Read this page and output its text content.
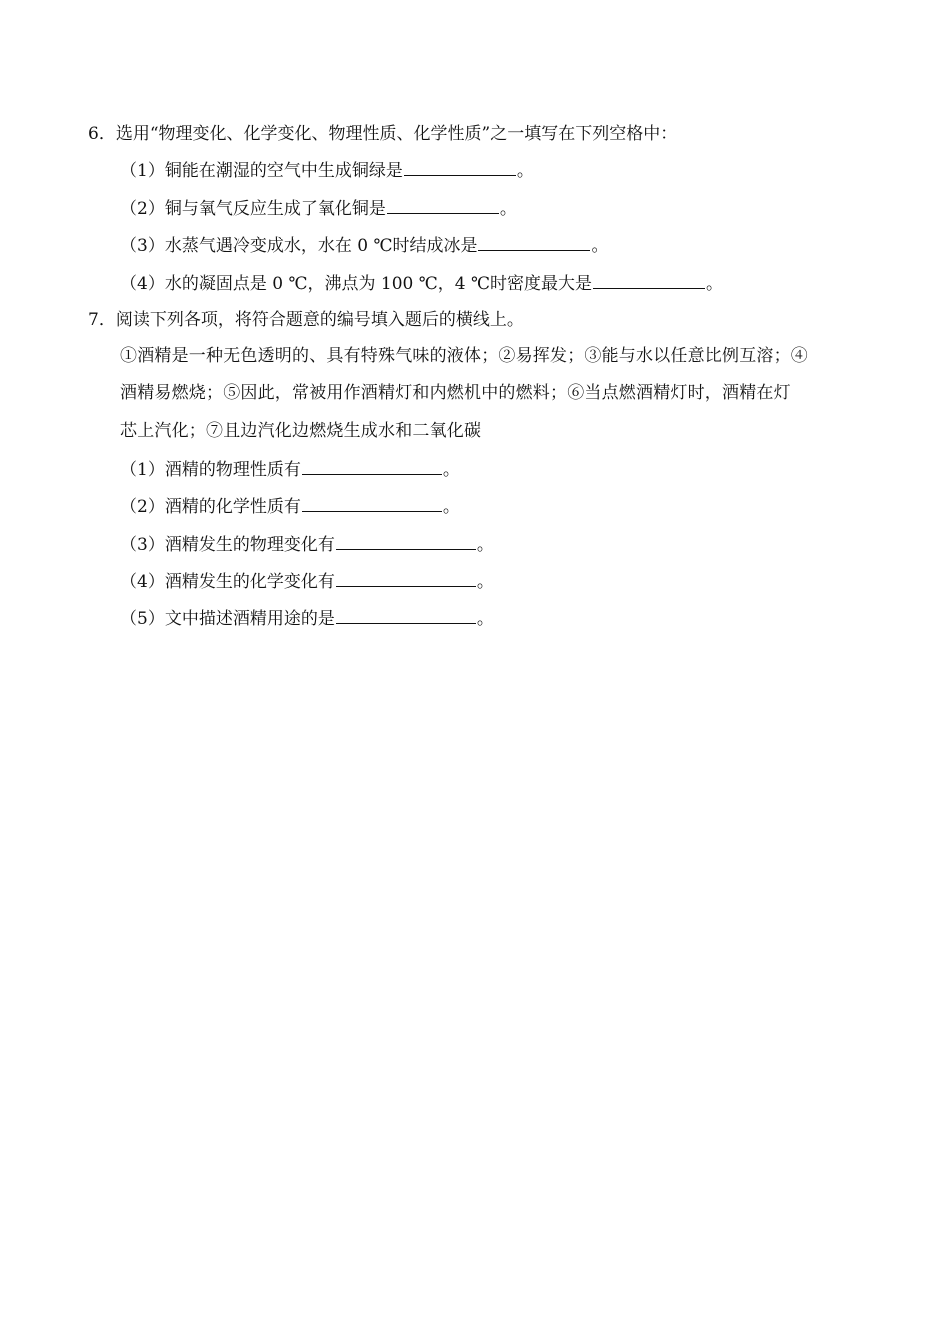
6．选用“物理变化、化学变化、物理性质、化学性质”之一填写在下列空格中：
（1）铜能在潮湿的空气中生成铜绿是	。
（2）铜与氧气反应生成了氧化铜是	。
（3）水蒸气遇冷变成水，水在 0 ℃时结成冰是	。
（4）水的凝固点是 0 ℃，沸点为 100 ℃，4 ℃时密度最大是	。
7．阅读下列各项，将符合题意的编号填入题后的横线上。
①酒精是一种无色透明的、具有特殊气味的液体；②易挥发；③能与水以任意比例互溶；④
酒精易燃烧；⑤因此，常被用作酒精灯和内燃机中的燃料；⑥当点燃酒精灯时，酒精在灯
芯上汽化；⑦且边汽化边燃烧生成水和二氧化碳
（1）酒精的物理性质有	。
（2）酒精的化学性质有	。
（3）酒精发生的物理变化有	。
（4）酒精发生的化学变化有	。
（5）文中描述酒精用途的是	。
